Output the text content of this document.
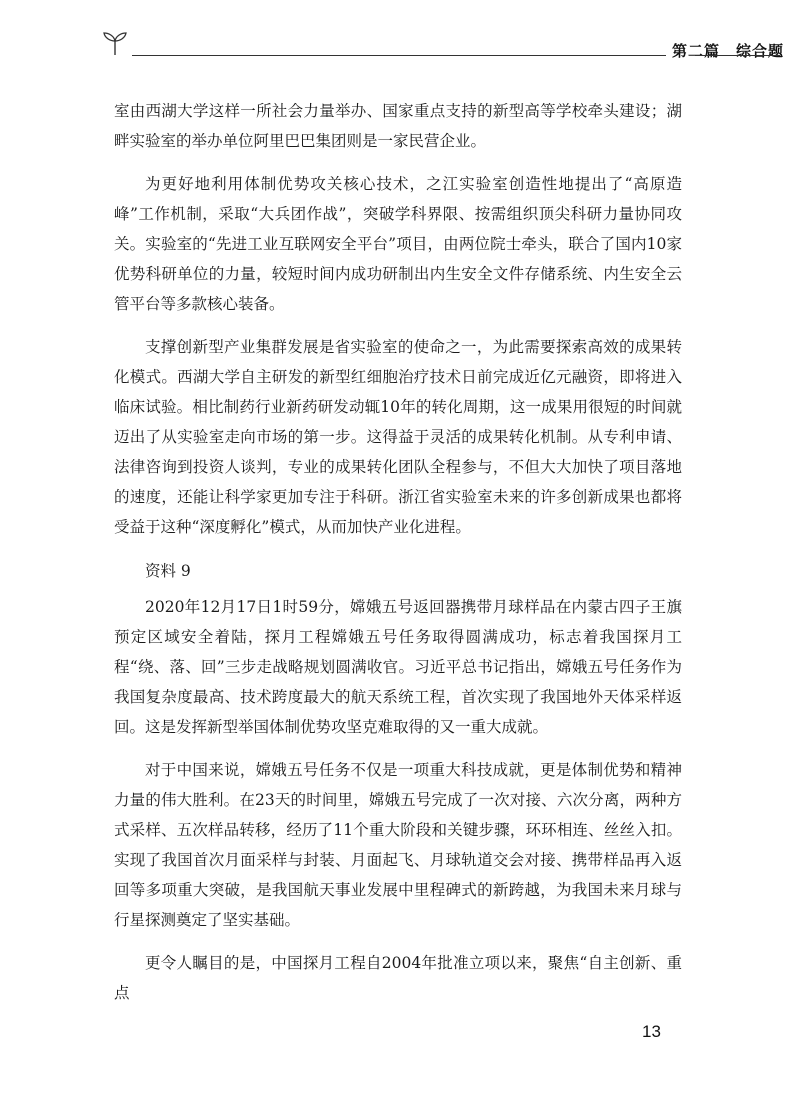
第二篇　综合题

室由西湖大学这样一所社会力量举办、国家重点支持的新型高等学校牵头建设；湖畔实验室的举办单位阿里巴巴集团则是一家民营企业。

为更好地利用体制优势攻关核心技术，之江实验室创造性地提出了“高原造峰”工作机制，采取“大兵团作战”，突破学科界限、按需组织顶尖科研力量协同攻关。实验室的“先进工业互联网安全平台”项目，由两位院士牵头，联合了国内10家优势科研单位的力量，较短时间内成功研制出内生安全文件存储系统、内生安全云管平台等多款核心装备。

支撑创新型产业集群发展是省实验室的使命之一，为此需要探索高效的成果转化模式。西湖大学自主研发的新型红细胞治疗技术日前完成近亿元融资，即将进入临床试验。相比制药行业新药研发动辄10年的转化周期，这一成果用很短的时间就迈出了从实验室走向市场的第一步。这得益于灵活的成果转化机制。从专利申请、法律咨询到投资人谈判，专业的成果转化团队全程参与，不但大大加快了项目落地的速度，还能让科学家更加专注于科研。浙江省实验室未来的许多创新成果也都将受益于这种“深度孵化”模式，从而加快产业化进程。

资料 9

2020年12月17日1时59分，嫦娥五号返回器携带月球样品在内蒙古四子王旗预定区域安全着陆，探月工程嫦娥五号任务取得圆满成功，标志着我国探月工程“绕、落、回”三步走战略规划圆满收官。习近平总书记指出，嫦娥五号任务作为我国复杂度最高、技术跨度最大的航天系统工程，首次实现了我国地外天体采样返回。这是发挥新型举国体制优势攻坚克难取得的又一重大成就。

对于中国来说，嫦娥五号任务不仅是一项重大科技成就，更是体制优势和精神力量的伟大胜利。在23天的时间里，嫦娥五号完成了一次对接、六次分离，两种方式采样、五次样品转移，经历了11个重大阶段和关键步骤，环环相连、丝丝入扣。实现了我国首次月面采样与封装、月面起飞、月球轨道交会对接、携带样品再入返回等多项重大突破，是我国航天事业发展中里程碑式的新跨越，为我国未来月球与行星探测奠定了坚实基础。

更令人瞩目的是，中国探月工程自2004年批准立项以来，聚焦“自主创新、重点

13
